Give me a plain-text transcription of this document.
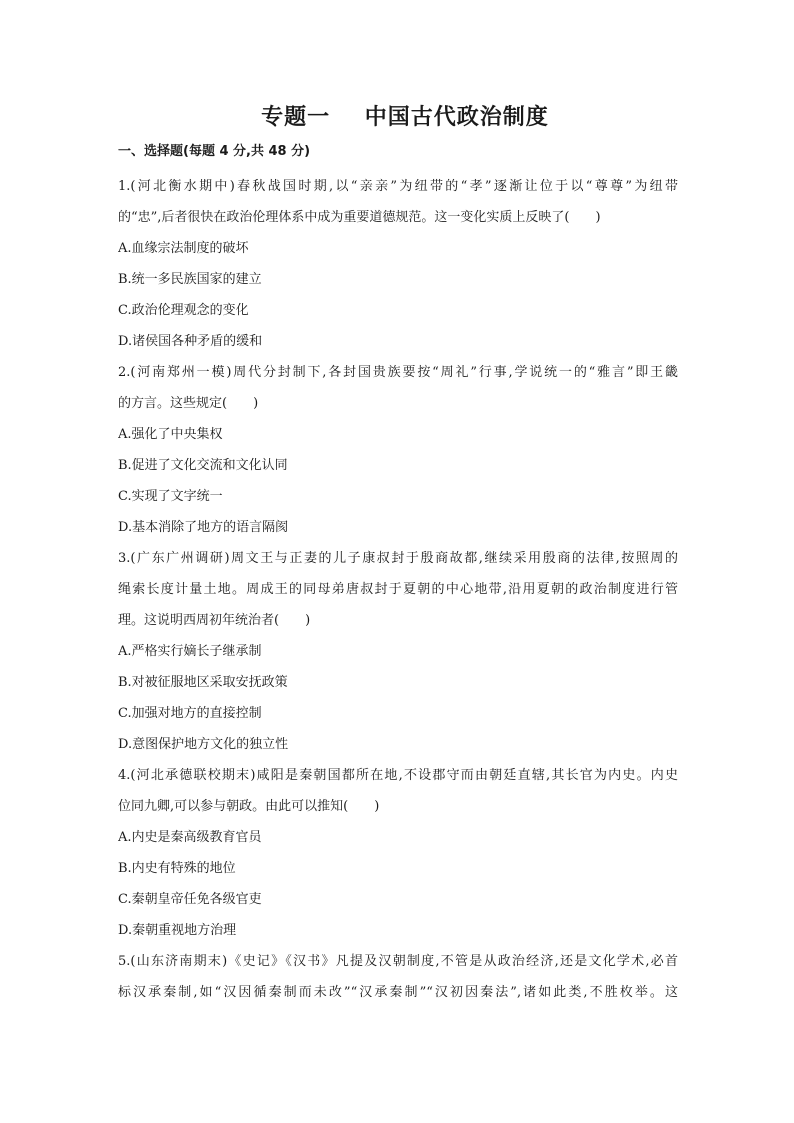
专题一    中国古代政治制度
一、选择题(每题 4 分,共 48 分)
1.(河北衡水期中)春秋战国时期,以“亲亲”为纽带的“孝”逐渐让位于以“尊尊”为纽带
的“忠”,后者很快在政治伦理体系中成为重要道德规范。这一变化实质上反映了(　　)
A.血缘宗法制度的破坏
B.统一多民族国家的建立
C.政治伦理观念的变化
D.诸侯国各种矛盾的缓和
2.(河南郑州一模)周代分封制下,各封国贵族要按“周礼”行事,学说统一的“雅言”即王畿
的方言。这些规定(　　)
A.强化了中央集权
B.促进了文化交流和文化认同
C.实现了文字统一
D.基本消除了地方的语言隔阂
3.(广东广州调研)周文王与正妻的儿子康叔封于殷商故都,继续采用殷商的法律,按照周的
绳索长度计量土地。周成王的同母弟唐叔封于夏朝的中心地带,沿用夏朝的政治制度进行管
理。这说明西周初年统治者(　　)
A.严格实行嫡长子继承制
B.对被征服地区采取安抚政策
C.加强对地方的直接控制
D.意图保护地方文化的独立性
4.(河北承德联校期末)咸阳是秦朝国都所在地,不设郡守而由朝廷直辖,其长官为内史。内史
位同九卿,可以参与朝政。由此可以推知(　　)
A.内史是秦高级教育官员
B.内史有特殊的地位
C.秦朝皇帝任免各级官吏
D.秦朝重视地方治理
5.(山东济南期末)《史记》《汉书》凡提及汉朝制度,不管是从政治经济,还是文化学术,必首
标汉承秦制,如“汉因循秦制而未改”“汉承秦制”“汉初因秦法”,诸如此类,不胜枚举。这
